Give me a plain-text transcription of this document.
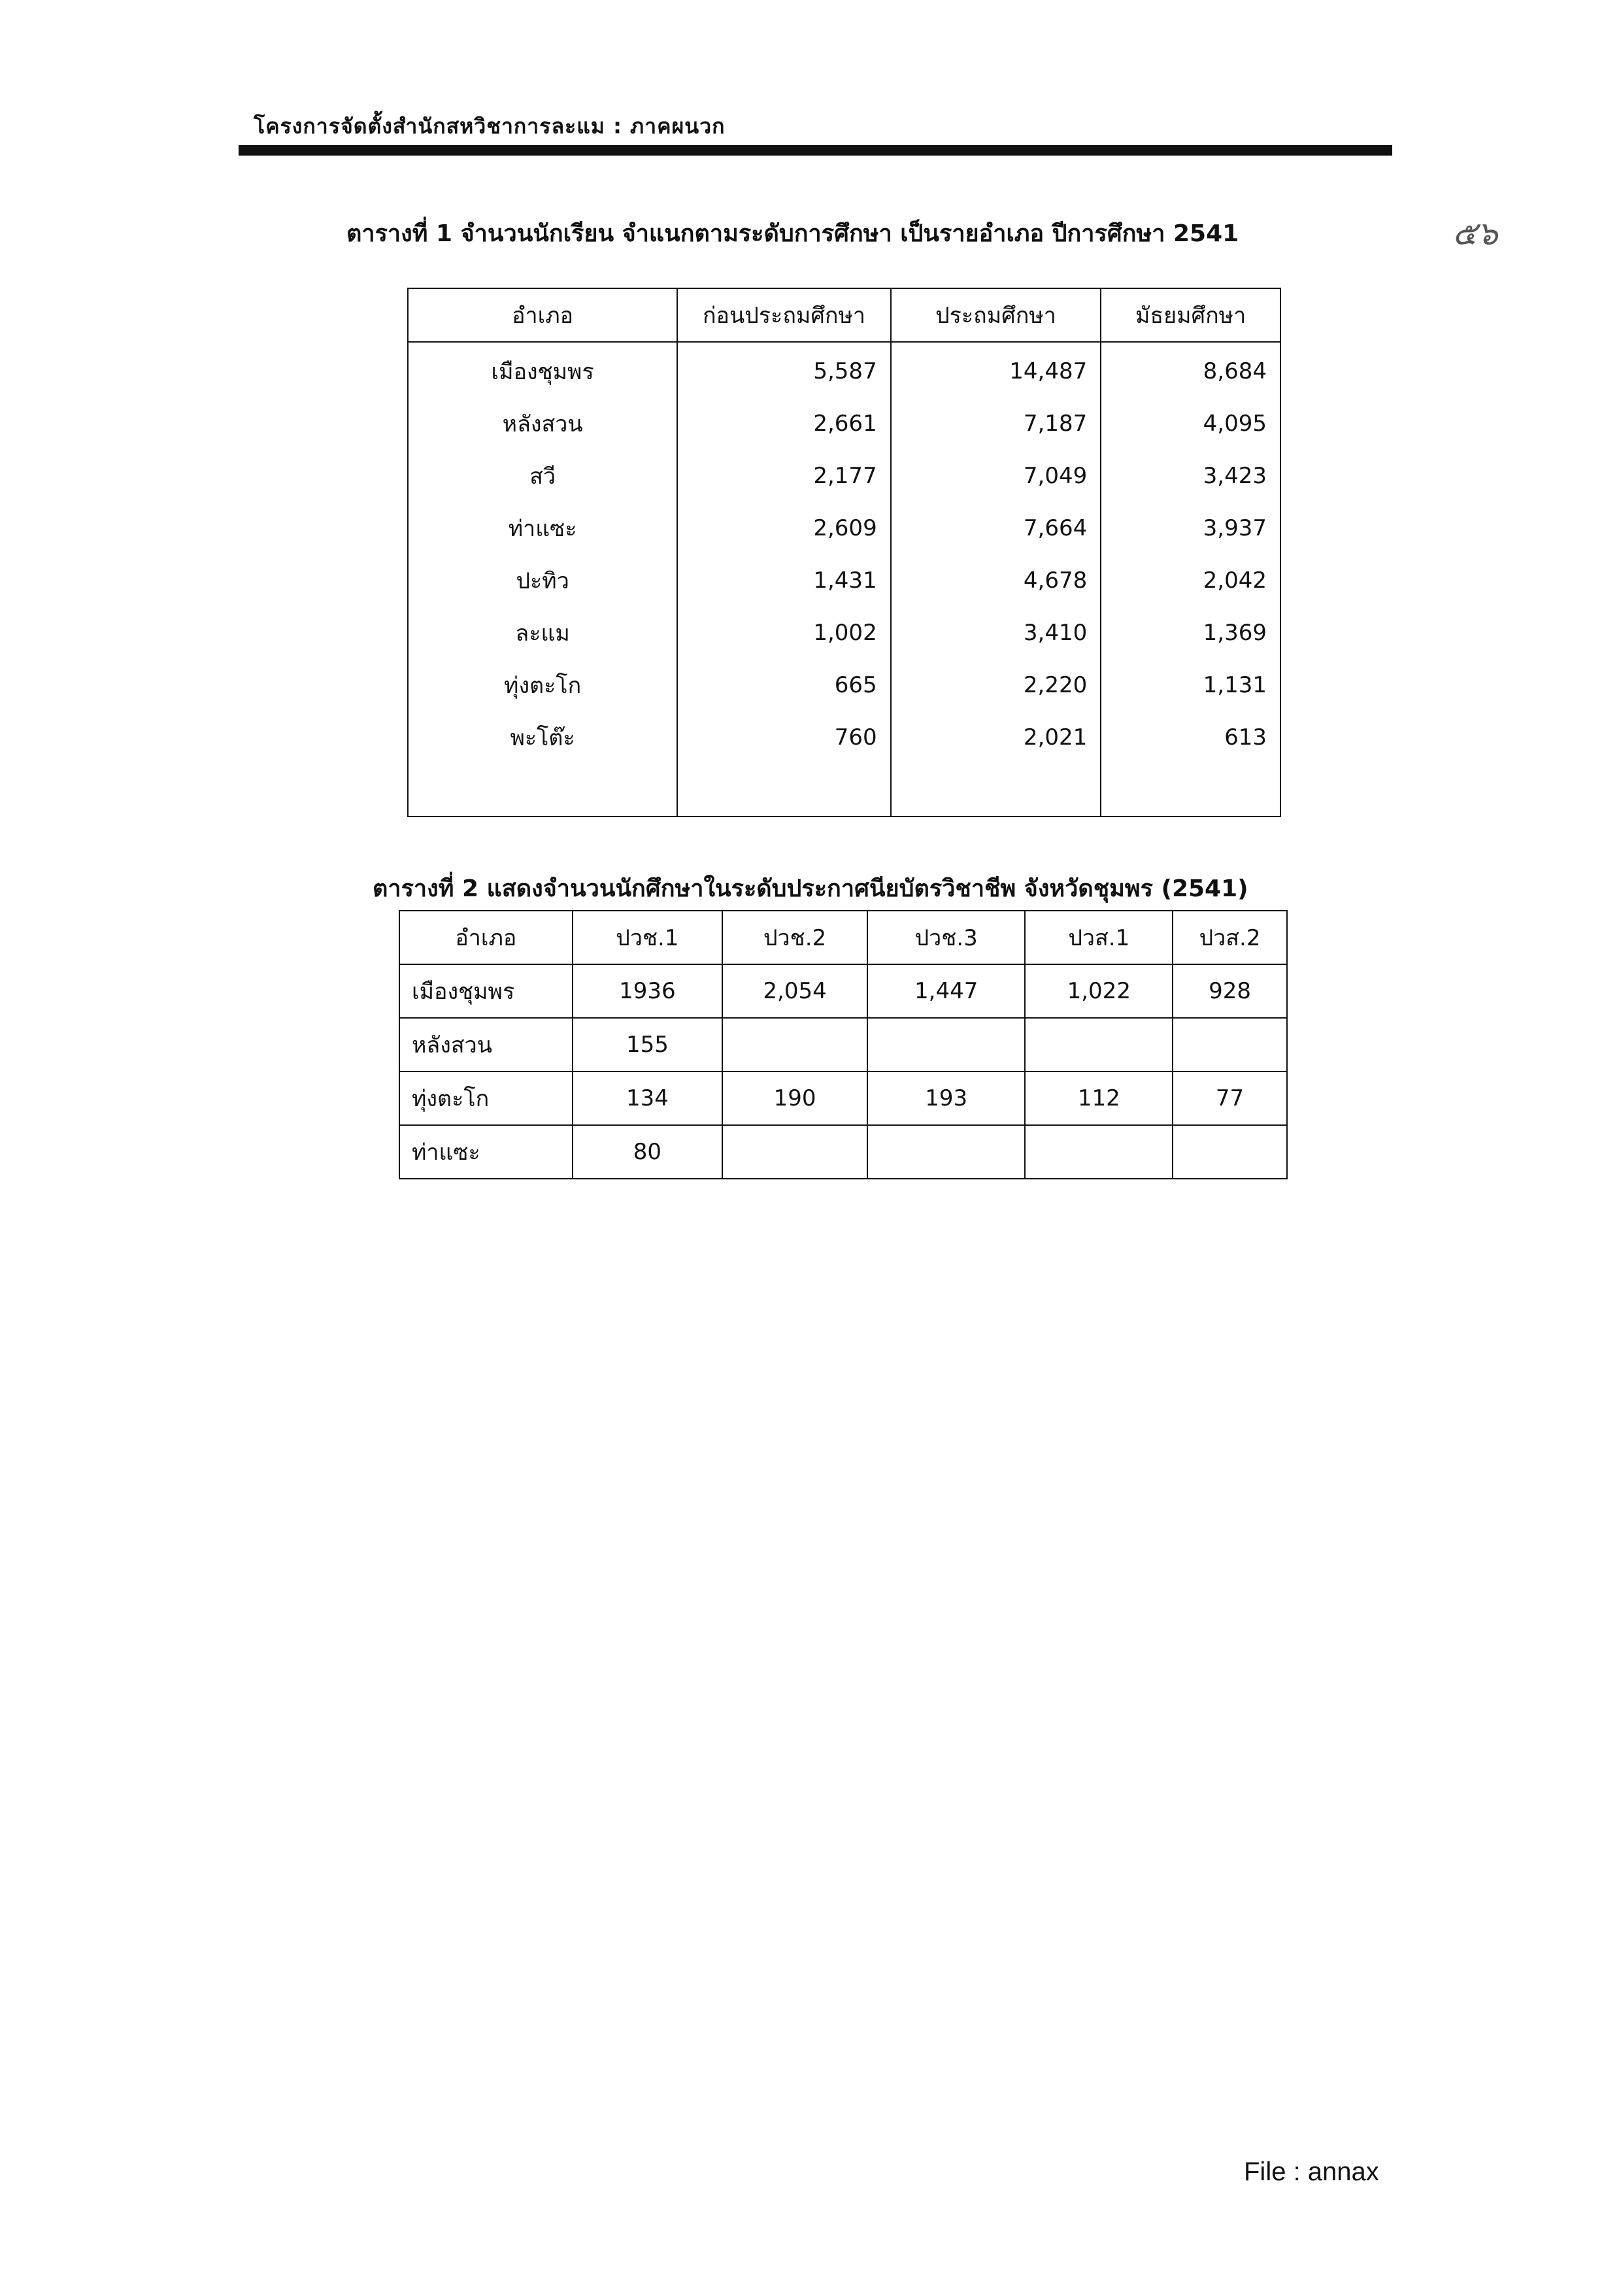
โครงการจัดตั้งสำนักสหวิชาการละแม : ภาคผนวก
๕๖
ตารางที่ 1 จำนวนนักเรียน จำแนกตามระดับการศึกษา เป็นรายอำเภอ ปีการศึกษา 2541
อำเภอ	ก่อนประถมศึกษา	ประถมศึกษา	มัธยมศึกษา
เมืองชุมพร	5,587	14,487	8,684
หลังสวน	2,661	7,187	4,095
สวี	2,177	7,049	3,423
ท่าแซะ	2,609	7,664	3,937
ปะทิว	1,431	4,678	2,042
ละแม	1,002	3,410	1,369
ทุ่งตะโก	665	2,220	1,131
พะโต๊ะ	760	2,021	613

ตารางที่ 2 แสดงจำนวนนักศึกษาในระดับประกาศนียบัตรวิชาชีพ จังหวัดชุมพร (2541)
อำเภอ	ปวช.1	ปวช.2	ปวช.3	ปวส.1	ปวส.2
เมืองชุมพร	1936	2,054	1,447	1,022	928
หลังสวน	155				
ทุ่งตะโก	134	190	193	112	77
ท่าแซะ	80				
File : annax
